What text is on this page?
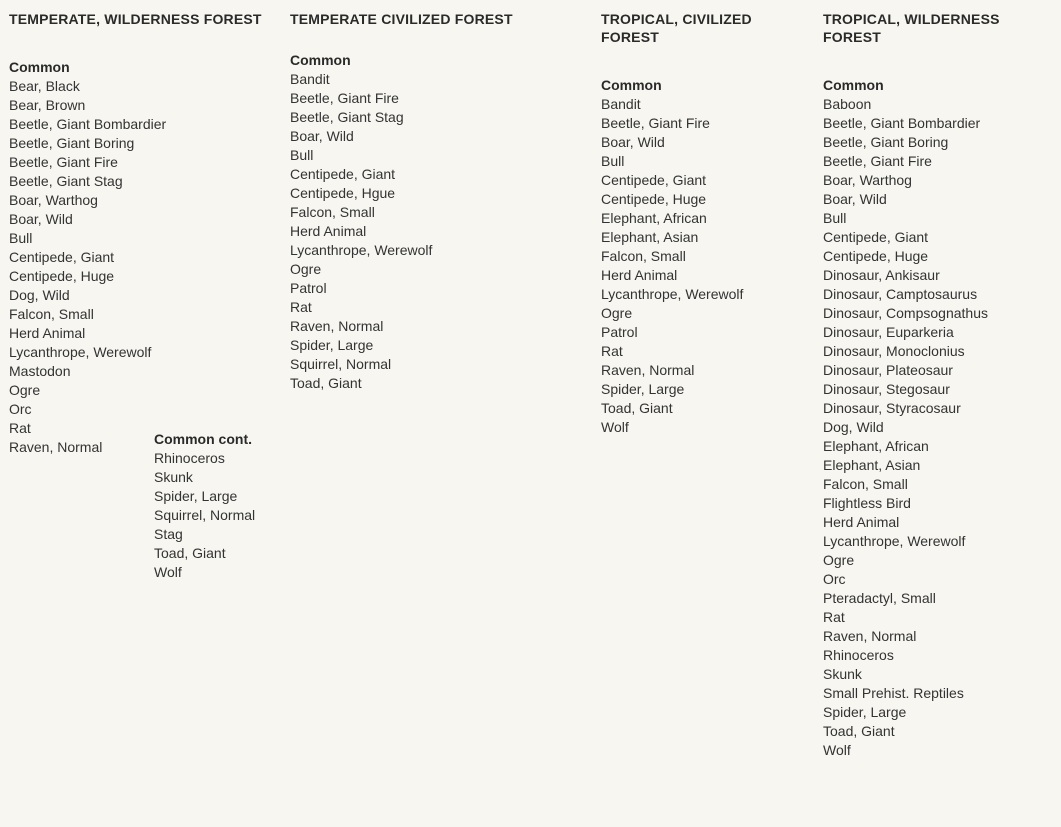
TEMPERATE, WILDERNESS FOREST
Common
Bear, Black
Bear, Brown
Beetle, Giant Bombardier
Beetle, Giant Boring
Beetle, Giant Fire
Beetle, Giant Stag
Boar, Warthog
Boar, Wild
Bull
Centipede, Giant
Centipede, Huge
Dog, Wild
Falcon, Small
Herd Animal
Lycanthrope, Werewolf
Mastodon
Ogre
Orc
Rat
Raven, Normal	Common cont.
Rhinoceros
Skunk
Spider, Large
Squirrel, Normal
Stag
Toad, Giant
Wolf
TEMPERATE CIVILIZED FOREST
Common
Bandit
Beetle, Giant Fire
Beetle, Giant Stag
Boar, Wild
Bull
Centipede, Giant
Centipede, Hgue
Falcon, Small
Herd Animal
Lycanthrope, Werewolf
Ogre
Patrol
Rat
Raven, Normal
Spider, Large
Squirrel, Normal
Toad, Giant
TROPICAL, CIVILIZED FOREST
Common
Bandit
Beetle, Giant Fire
Boar, Wild
Bull
Centipede, Giant
Centipede, Huge
Elephant, African
Elephant, Asian
Falcon, Small
Herd Animal
Lycanthrope, Werewolf
Ogre
Patrol
Rat
Raven, Normal
Spider, Large
Toad, Giant
Wolf
TROPICAL, WILDERNESS FOREST
Common
Baboon
Beetle, Giant Bombardier
Beetle, Giant Boring
Beetle, Giant Fire
Boar, Warthog
Boar, Wild
Bull
Centipede, Giant
Centipede, Huge
Dinosaur, Ankisaur
Dinosaur, Camptosaurus
Dinosaur, Compsognathus
Dinosaur, Euparkeria
Dinosaur, Monoclonius
Dinosaur, Plateosaur
Dinosaur, Stegosaur
Dinosaur, Styracosaur
Dog, Wild
Elephant, African
Elephant, Asian
Falcon, Small
Flightless Bird
Herd Animal
Lycanthrope, Werewolf
Ogre
Orc
Pteradactyl, Small
Rat
Raven, Normal
Rhinoceros
Skunk
Small Prehist. Reptiles
Spider, Large
Toad, Giant
Wolf
